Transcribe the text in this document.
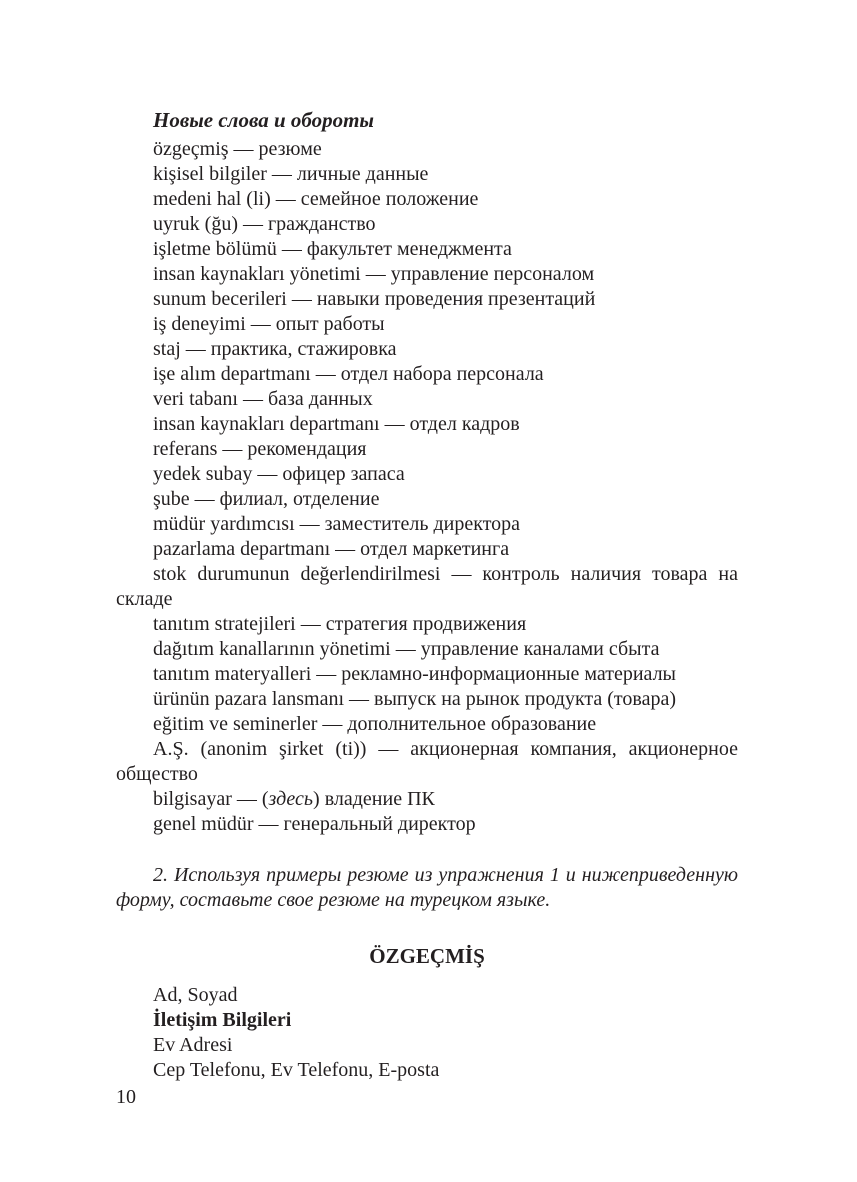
Новые слова и обороты
özgeçmiş — резюме
kişisel bilgiler — личные данные
medeni hal (li) — семейное положение
uyruk (ğu) — гражданство
işletme bölümü — факультет менеджмента
insan kaynakları yönetimi — управление персоналом
sunum becerileri — навыки проведения презентаций
iş deneyimi — опыт работы
staj — практика, стажировка
işe alım departmanı — отдел набора персонала
veri tabanı — база данных
insan kaynakları departmanı — отдел кадров
referans — рекомендация
yedek subay — офицер запаса
şube — филиал, отделение
müdür yardımcısı — заместитель директора
pazarlama departmanı — отдел маркетинга
stok durumunun değerlendirilmesi — контроль наличия товара на складе
tanıtım stratejileri — стратегия продвижения
dağıtım kanallarının yönetimi — управление каналами сбыта
tanıtım materyalleri — рекламно-информационные материалы
ürünün pazara lansmanı — выпуск на рынок продукта (товара)
eğitim ve seminerler — дополнительное образование
A.Ş. (anonim şirket (ti)) — акционерная компания, акционерное общество
bilgisayar — (здесь) владение ПК
genel müdür — генеральный директор

2. Используя примеры резюме из упражнения 1 и нижеприведенную форму, составьте свое резюме на турецком языке.

ÖZGEÇMİŞ
Ad, Soyad
İletişim Bilgileri
Ev Adresi
Cep Telefonu, Ev Telefonu, E-posta
10
